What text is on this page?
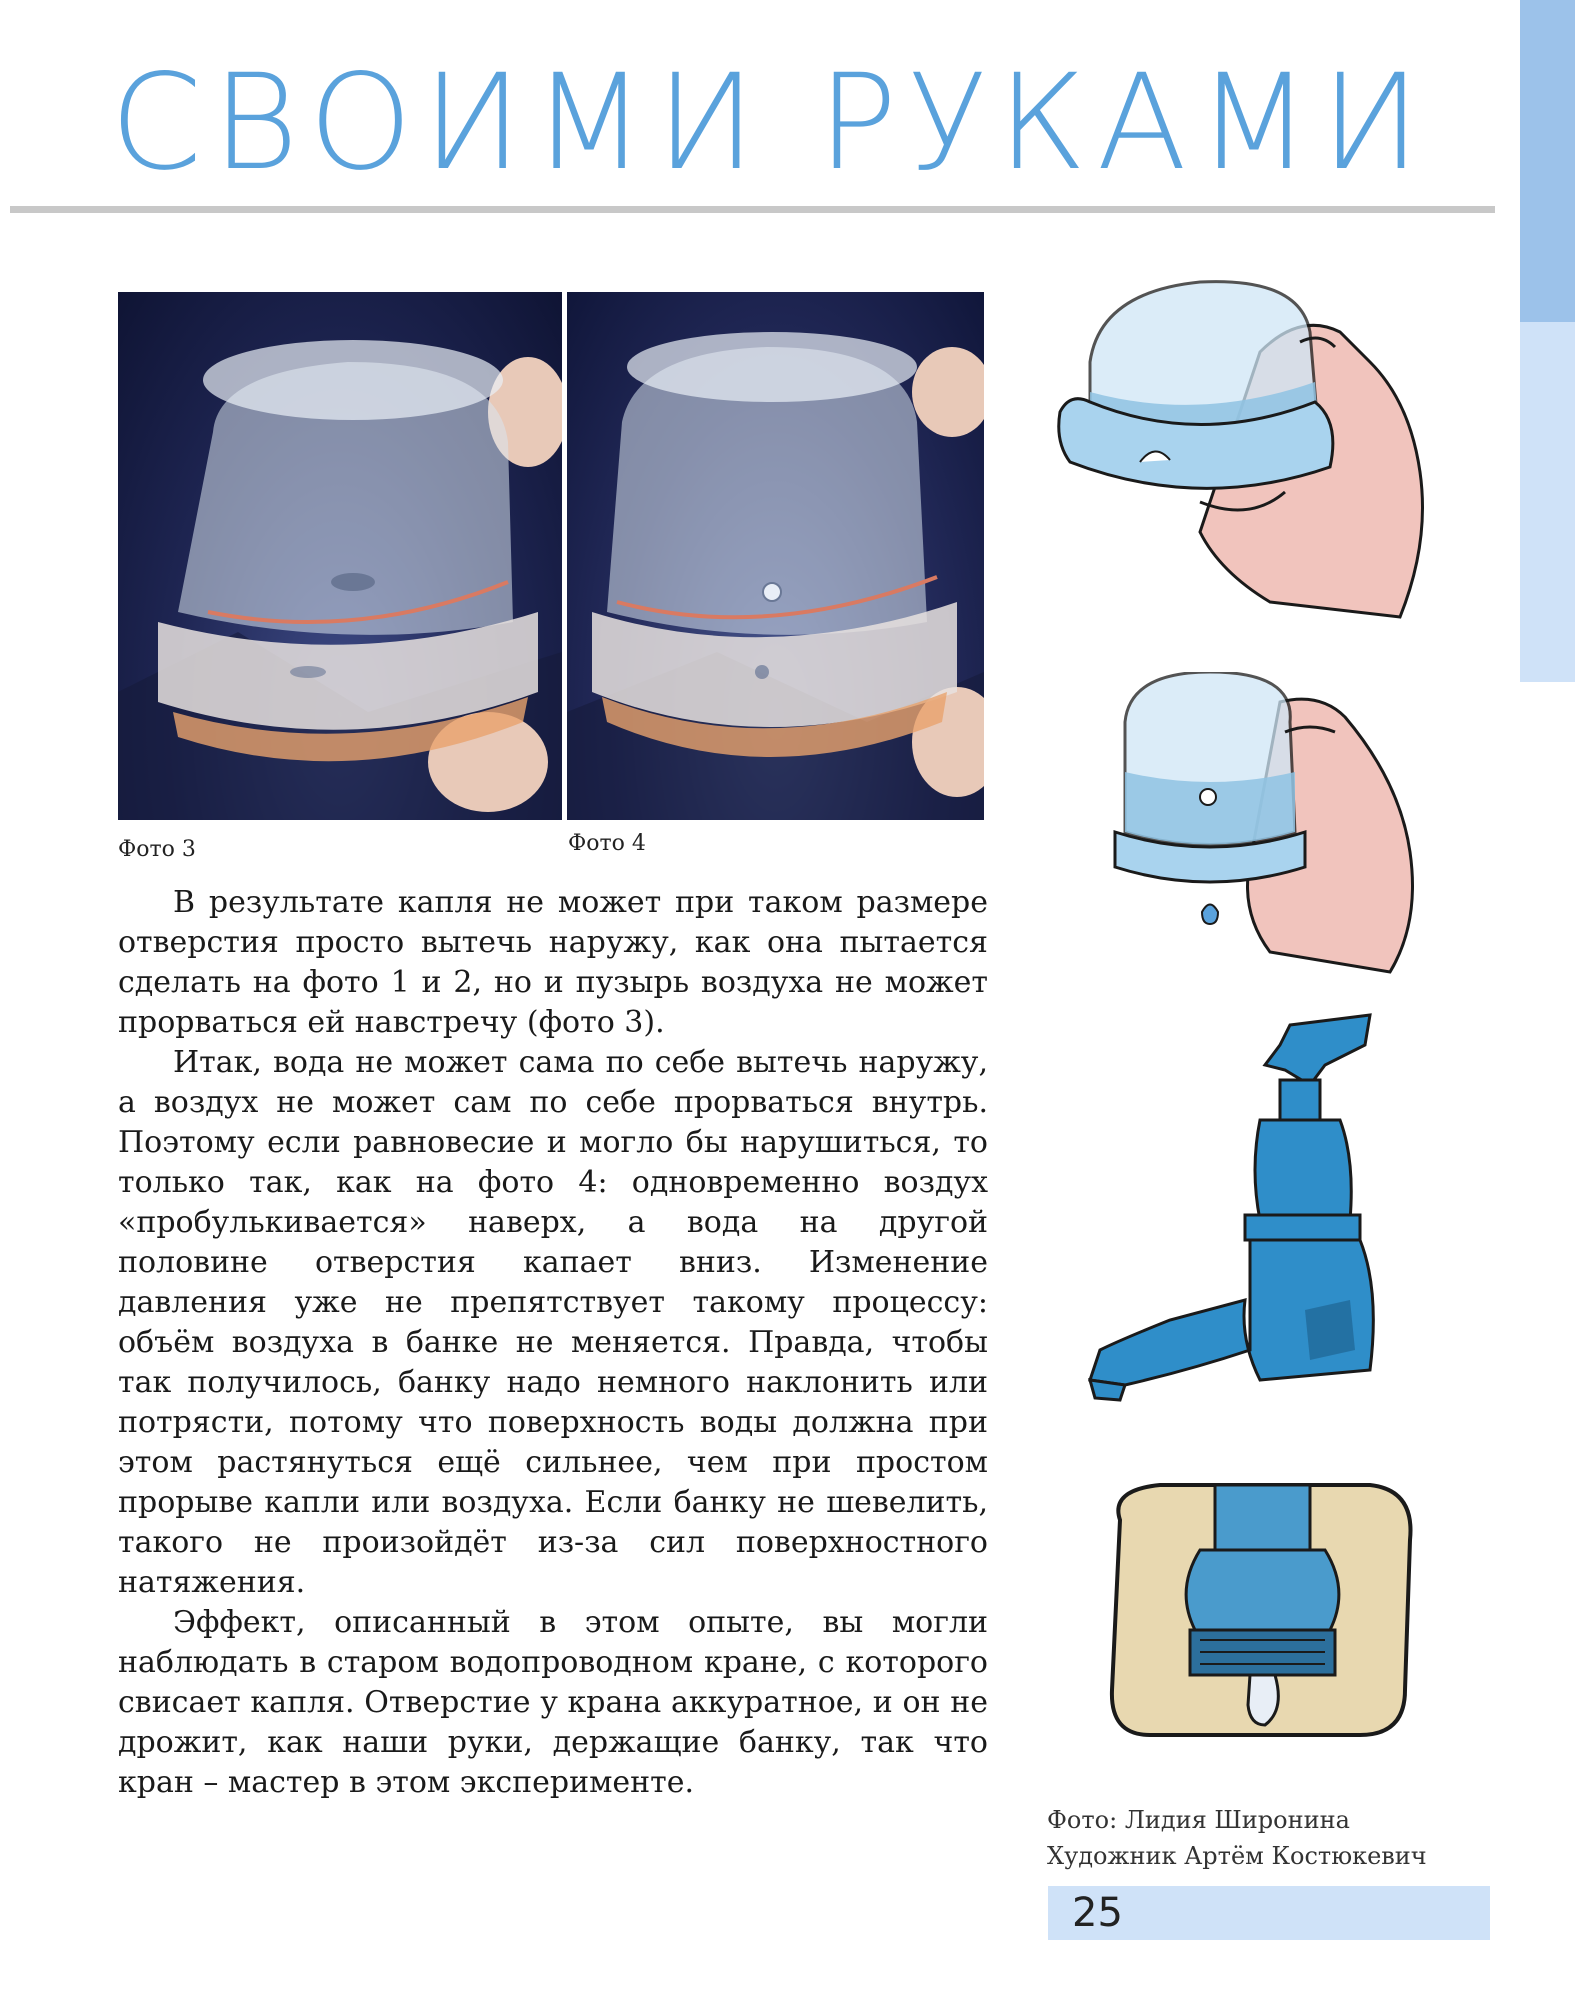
СВОИМИ РУКАМИ
Фото 3	Фото 4

В результате капля не может при таком размере отверстия просто вытечь наружу, как она пытается сделать на фото 1 и 2, но и пузырь воздуха не может прорваться ей навстречу (фото 3).

Итак, вода не может сама по себе вытечь наружу, а воздух не может сам по себе прорваться внутрь. Поэтому если равновесие и могло бы нарушиться, то только так, как на фото 4: одновременно воздух «пробулькивается» наверх, а вода на другой половине отверстия капает вниз. Изменение давления уже не препятствует такому процессу: объём воздуха в банке не меняется. Правда, чтобы так получилось, банку надо немного наклонить или потрясти, потому что поверхность воды должна при этом растянуться ещё сильнее, чем при простом прорыве капли или воздуха. Если банку не шевелить, такого не произойдёт из-за сил поверхностного натяжения.

Эффект, описанный в этом опыте, вы могли наблюдать в старом водопроводном кране, с которого свисает капля. Отверстие у крана аккуратное, и он не дрожит, как наши руки, держащие банку, так что кран – мастер в этом эксперименте.

Фото: Лидия Широнина
Художник Артём Костюкевич
25
